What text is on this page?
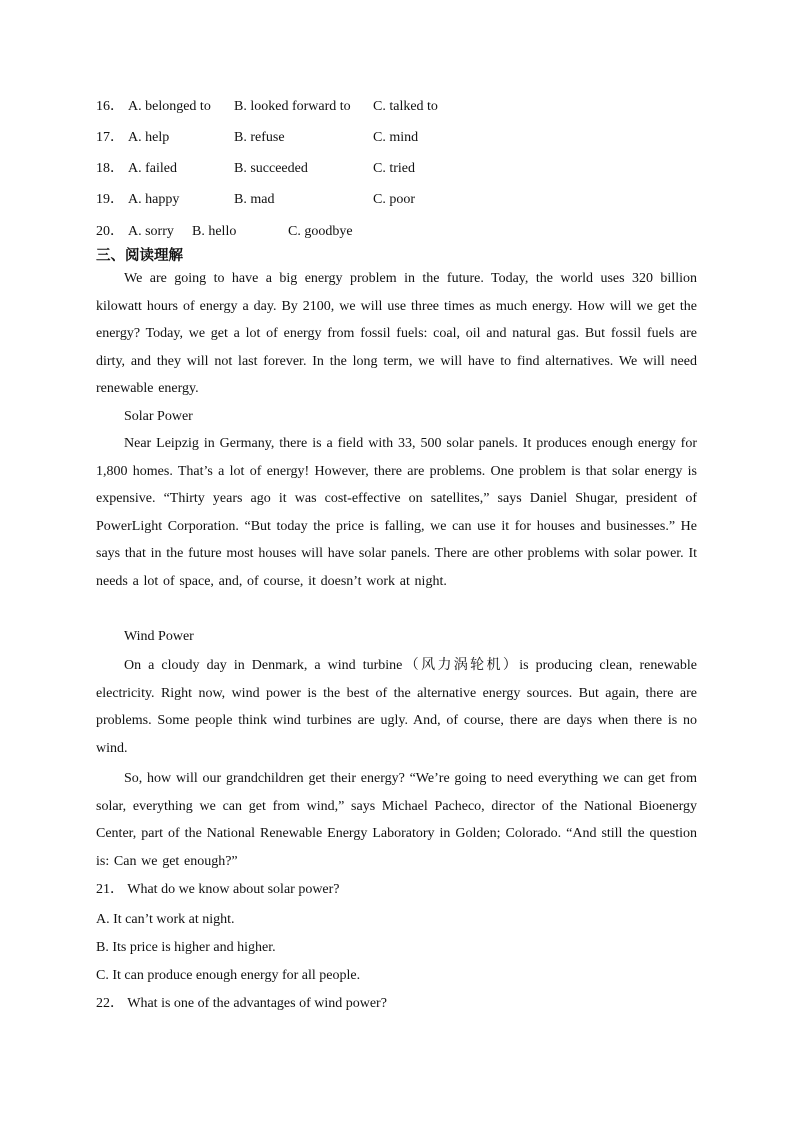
16． A. belonged to B. looked forward to C. talked to
17． A. help	B. refuse	C. mind
18． A. failed	B. succeeded	C. tried
19． A. happy	B. mad	C. poor
20． A. sorry B. hello	C. goodbye
三、阅读理解

We are going to have a big energy problem in the future. Today, the world uses 320 billion kilowatt hours of energy a day. By 2100, we will use three times as much energy. How will we get the energy? Today, we get a lot of energy from fossil fuels: coal, oil and natural gas. But fossil fuels are dirty, and they will not last forever. In the long term, we will have to find alternatives. We will need renewable energy.

Solar Power

Near Leipzig in Germany, there is a field with 33, 500 solar panels. It produces enough energy for 1,800 homes. That’s a lot of energy! However, there are problems. One problem is that solar energy is expensive. “Thirty years ago it was cost-effective on satellites,” says Daniel Shugar, president of PowerLight Corporation. “But today the price is falling, we can use it for houses and businesses.” He says that in the future most houses will have solar panels. There are other problems with solar power. It needs a lot of space, and, of course, it doesn’t work at night.

Wind Power

On a cloudy day in Denmark, a wind turbine（风力涡轮机）is producing clean, renewable electricity. Right now, wind power is the best of the alternative energy sources. But again, there are problems. Some people think wind turbines are ugly. And, of course, there are days when there is no wind.

So, how will our grandchildren get their energy? “We’re going to need everything we can get from solar, everything we can get from wind,” says Michael Pacheco, director of the National Bioenergy Center, part of the National Renewable Energy Laboratory in Golden; Colorado. “And still the question is: Can we get enough?”

21． What do we know about solar power?
A. It can’t work at night.
B. Its price is higher and higher.
C. It can produce enough energy for all people.
22． What is one of the advantages of wind power?
